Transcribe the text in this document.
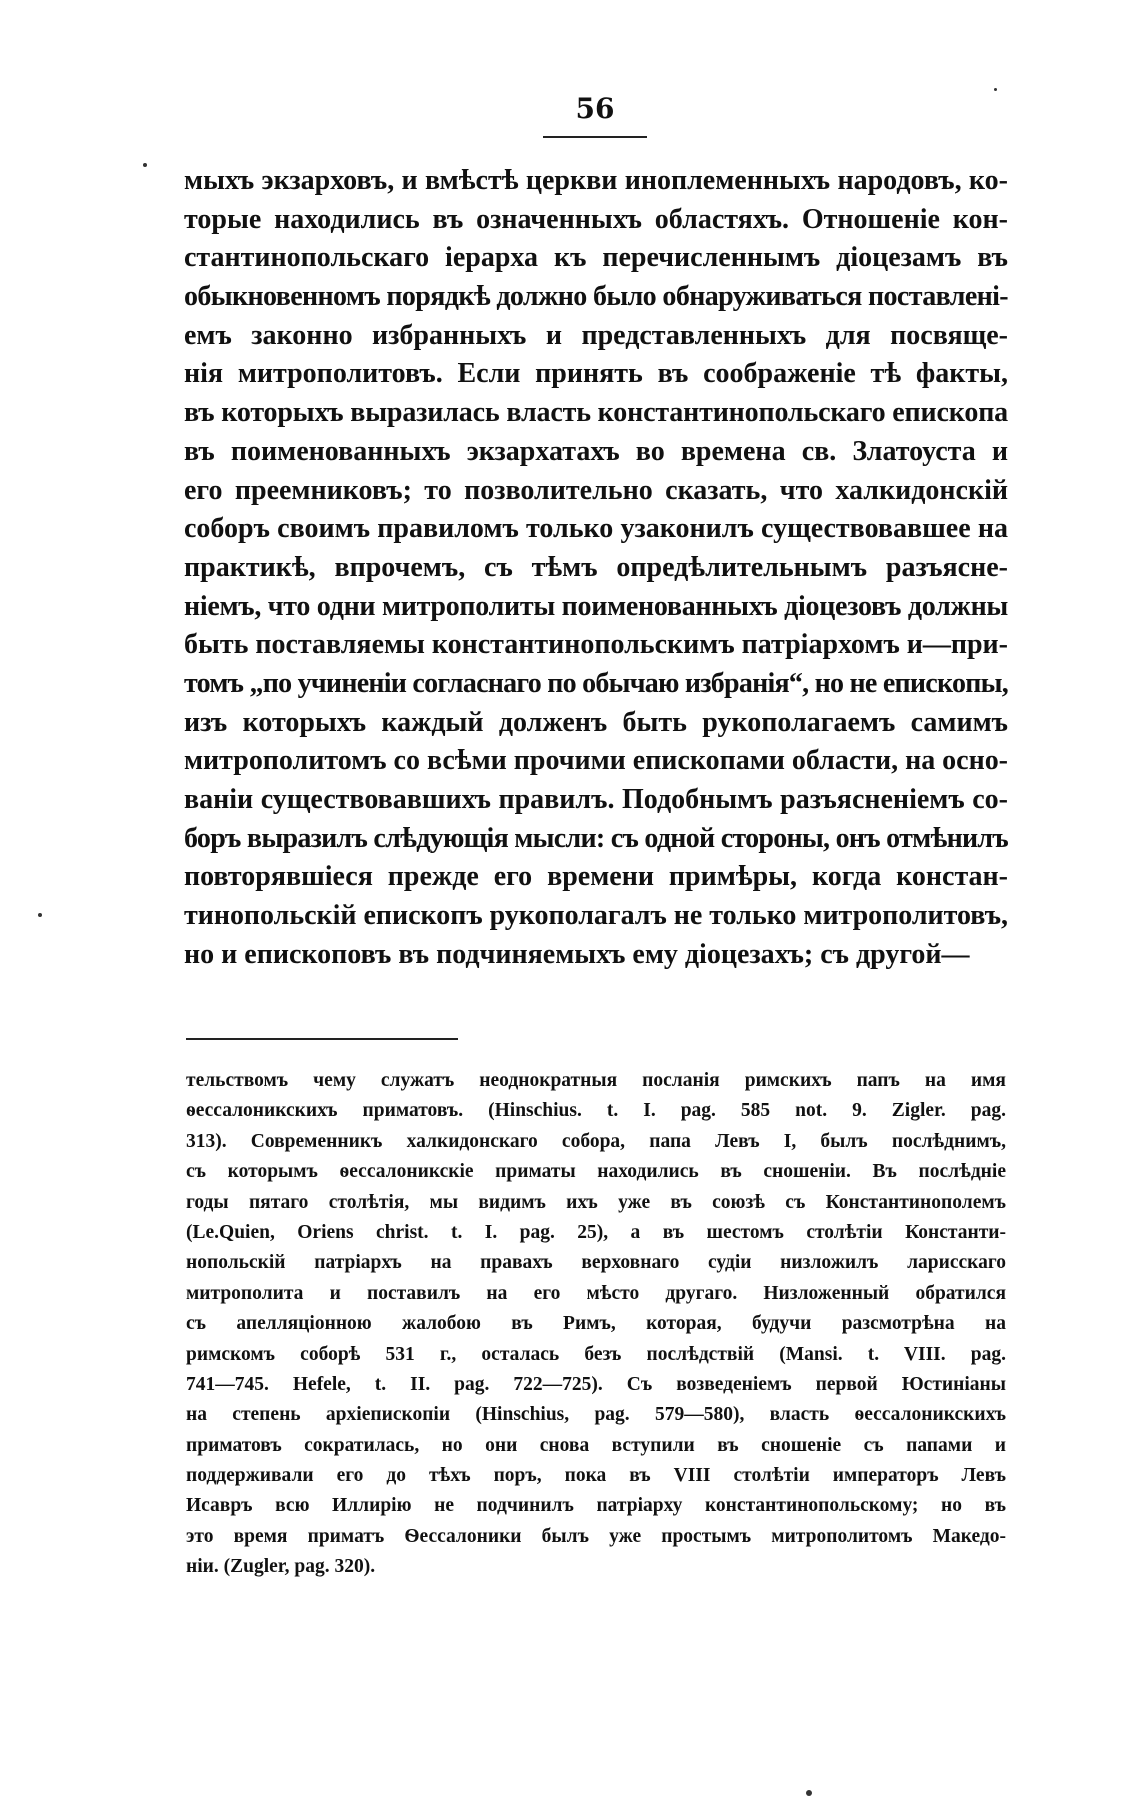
56
мыхъ экзарховъ, и вмѣстѣ церкви иноплеменныхъ народовъ, ко-
торые находились въ означенныхъ областяхъ. Отношеніе кон-
стантинопольскаго іерарха къ перечисленнымъ діоцезамъ въ
обыкновенномъ порядкѣ должно было обнаруживаться поставлені-
емъ законно избранныхъ и представленныхъ для посвяще-
нія митрополитовъ. Если принять въ соображеніе тѣ факты,
въ которыхъ выразилась власть константинопольскаго епископа
въ поименованныхъ экзархатахъ во времена св. Златоуста и
его преемниковъ; то позволительно сказать, что халкидонскій
соборъ своимъ правиломъ только узаконилъ существовавшее на
практикѣ, впрочемъ, съ тѣмъ опредѣлительнымъ разъясне-
ніемъ, что одни митрополиты поименованныхъ діоцезовъ должны
быть поставляемы константинопольскимъ патріархомъ и—при-
томъ „по учиненіи согласнаго по обычаю избранія“, но не епископы,
изъ которыхъ каждый долженъ быть рукополагаемъ самимъ
митрополитомъ со всѣми прочими епископами области, на осно-
ваніи существовавшихъ правилъ. Подобнымъ разъясненіемъ со-
боръ выразилъ слѣдующія мысли: съ одной стороны, онъ отмѣнилъ
повторявшіеся прежде его времени примѣры, когда констан-
тинопольскій епископъ рукополагалъ не только митрополитовъ,
но и епископовъ въ подчиняемыхъ ему діоцезахъ; съ другой—
тельствомъ чему служатъ неоднократныя посланія римскихъ папъ на имя
ѳессалоникскихъ приматовъ. (Hinschius. t. I. pag. 585 not. 9. Zigler. pag.
313). Современникъ халкидонскаго собора, папа Левъ I, былъ послѣднимъ,
съ которымъ ѳессалоникскіе приматы находились въ сношеніи. Въ послѣдніе
годы пятаго столѣтія, мы видимъ ихъ уже въ союзѣ съ Константинополемъ
(Le.Quien, Oriens christ. t. I. pag. 25), а въ шестомъ столѣтіи Константи-
нопольскій патріархъ на правахъ верховнаго судіи низложилъ ларисскаго
митрополита и поставилъ на его мѣсто другаго. Низложенный обратился
съ апелляціонною жалобою въ Римъ, которая, будучи разсмотрѣна на
римскомъ соборѣ 531 г., осталась безъ послѣдствій (Mansi. t. VIII. pag.
741—745. Hefele, t. II. pag. 722—725). Съ возведеніемъ первой Юстиніаны
на степень архіепископіи (Hinschius, pag. 579—580), власть ѳессалоникскихъ
приматовъ сократилась, но они снова вступили въ сношеніе съ папами и
поддерживали его до тѣхъ поръ, пока въ VIII столѣтіи императоръ Левъ
Исавръ всю Иллирію не подчинилъ патріарху константинопольскому; но въ
это время приматъ Ѳессалоники былъ уже простымъ митрополитомъ Македо-
ніи. (Zugler, pag. 320).
